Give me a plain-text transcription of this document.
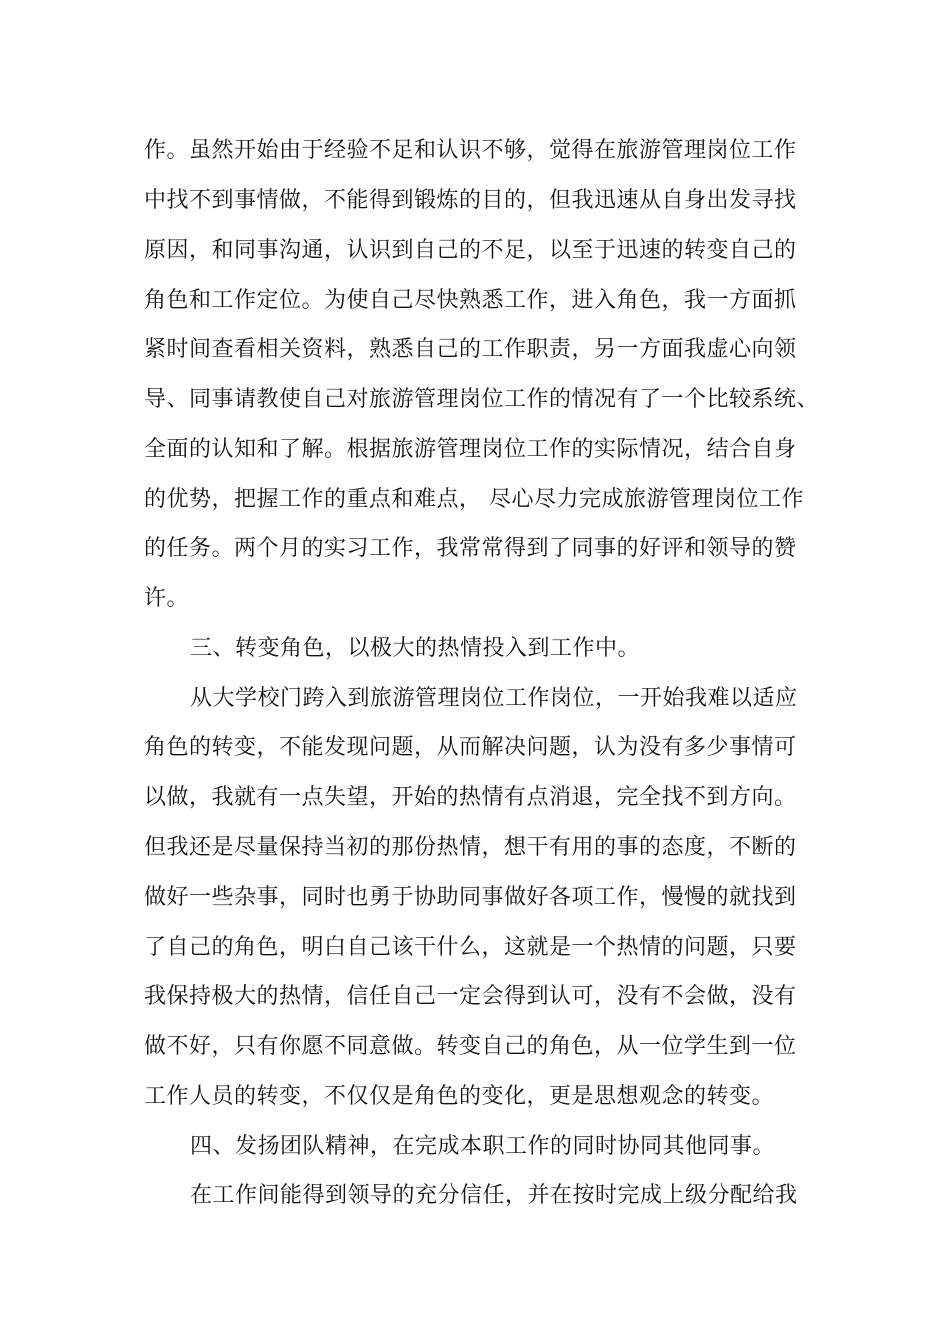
作。虽然开始由于经验不足和认识不够，觉得在旅游管理岗位工作
中找不到事情做，不能得到锻炼的目的，但我迅速从自身出发寻找
原因，和同事沟通，认识到自己的不足，以至于迅速的转变自己的
角色和工作定位。为使自己尽快熟悉工作，进入角色，我一方面抓
紧时间查看相关资料，熟悉自己的工作职责，另一方面我虚心向领
导、同事请教使自己对旅游管理岗位工作的情况有了一个比较系统、
全面的认知和了解。根据旅游管理岗位工作的实际情况，结合自身
的优势，把握工作的重点和难点， 尽心尽力完成旅游管理岗位工作
的任务。两个月的实习工作，我常常得到了同事的好评和领导的赞
许。
三、转变角色，以极大的热情投入到工作中。
从大学校门跨入到旅游管理岗位工作岗位，一开始我难以适应
角色的转变，不能发现问题，从而解决问题，认为没有多少事情可
以做，我就有一点失望，开始的热情有点消退，完全找不到方向。
但我还是尽量保持当初的那份热情，想干有用的事的态度，不断的
做好一些杂事，同时也勇于协助同事做好各项工作，慢慢的就找到
了自己的角色，明白自己该干什么，这就是一个热情的问题，只要
我保持极大的热情，信任自己一定会得到认可，没有不会做，没有
做不好，只有你愿不同意做。转变自己的角色，从一位学生到一位
工作人员的转变，不仅仅是角色的变化，更是思想观念的转变。
四、发扬团队精神，在完成本职工作的同时协同其他同事。
在工作间能得到领导的充分信任，并在按时完成上级分配给我
